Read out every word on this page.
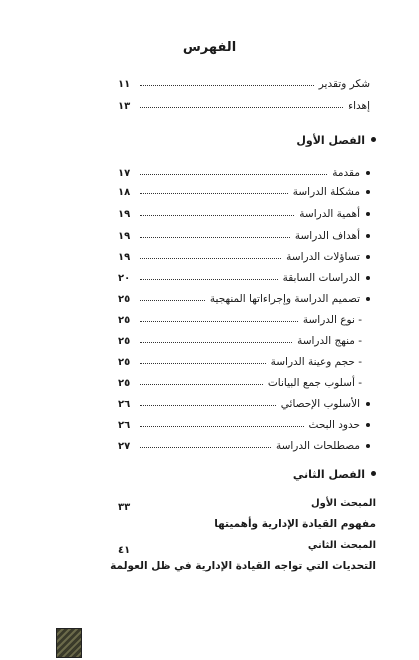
الفهرس
شكر وتقدير
١١
إهداء
١٣
الفصل الأول
مقدمة
١٧
مشكلة الدراسة
١٨
أهمية الدراسة
١٩
أهداف الدراسة
١٩
تساؤلات الدراسة
١٩
الدراسات السابقة
٢٠
تصميم الدراسة وإجراءاتها المنهجية
٢٥
- نوع الدراسة
٢٥
- منهج الدراسة
٢٥
- حجم وعينة الدراسة
٢٥
- أسلوب جمع البيانات
٢٥
الأسلوب الإحصائي
٢٦
حدود البحث
٢٦
مصطلحات الدراسة
٢٧
الفصل الثاني
المبحث الأول
٣٣
مفهوم القيادة الإدارية وأهميتها
المبحث الثاني
٤١
التحديات التي تواجه القيادة الإدارية في ظل العولمة
